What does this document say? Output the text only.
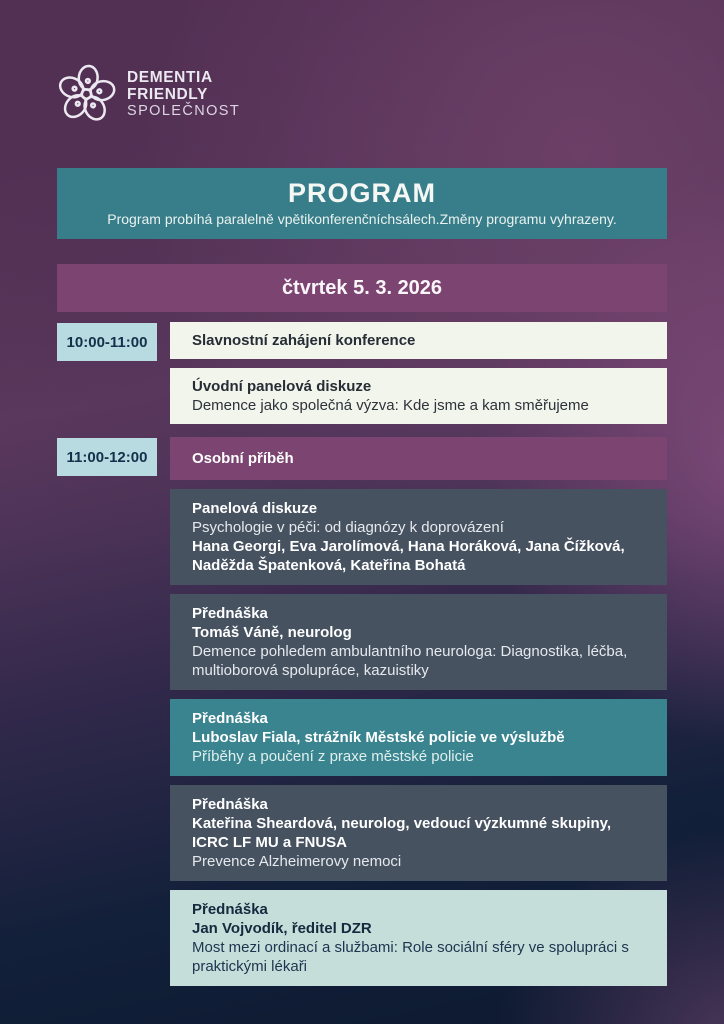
DEMENTIA
FRIENDLY
SPOLEČNOST
PROGRAM
Program probíhá paralelně vpětikonferenčníchsálech.Změny programu vyhrazeny.
čtvrtek 5. 3. 2026
10:00-11:00	Slavnostní zahájení konference
Úvodní panelová diskuze
Demence jako společná výzva: Kde jsme a kam směřujeme
11:00-12:00	Osobní příběh
Panelová diskuze
Psychologie v péči: od diagnózy k doprovázení
Hana Georgi, Eva Jarolímová, Hana Horáková, Jana Čížková, Naděžda Špatenková, Kateřina Bohatá
Přednáška
Tomáš Váně, neurolog
Demence pohledem ambulantního neurologa: Diagnostika, léčba, multioborová spolupráce, kazuistiky
Přednáška
Luboslav Fiala, strážník Městské policie ve výslužbě
Příběhy a poučení z praxe městské policie
Přednáška
Kateřina Sheardová, neurolog, vedoucí výzkumné skupiny, ICRC LF MU a FNUSA
Prevence Alzheimerovy nemoci
Přednáška
Jan Vojvodík, ředitel DZR
Most mezi ordinací a službami: Role sociální sféry ve spolupráci s praktickými lékaři
